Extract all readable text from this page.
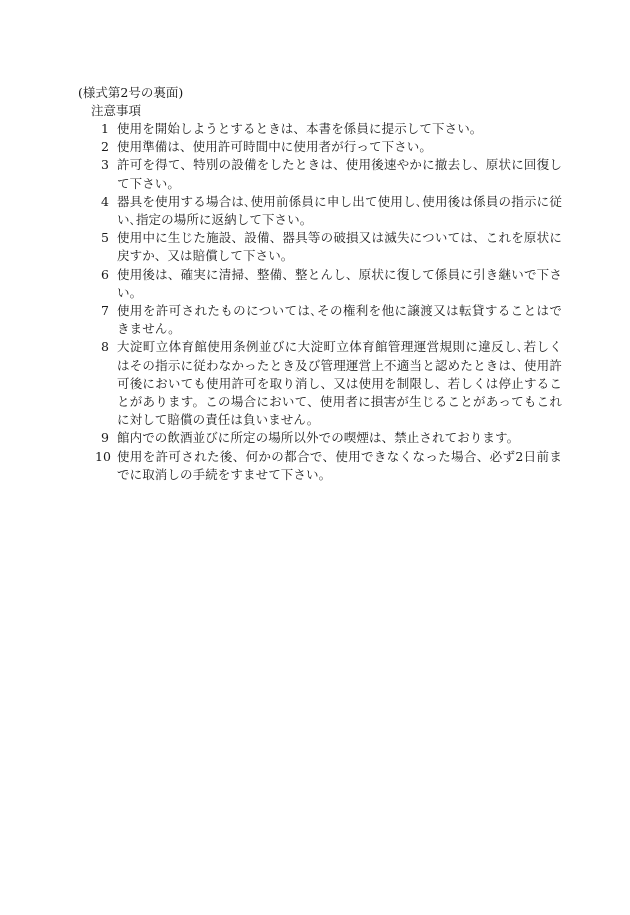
(様式第2号の裏面)
注意事項
1 使用を開始しようとするときは、本書を係員に提示して下さい。
2 使用準備は、使用許可時間中に使用者が行って下さい。
3 許可を得て、特別の設備をしたときは、使用後速やかに撤去し、原状に回復して下さい。
4 器具を使用する場合は､使用前係員に申し出て使用し､使用後は係員の指示に従い､指定の場所に返納して下さい。
5 使用中に生じた施設、設備、器具等の破損又は滅失については、これを原状に戻すか、又は賠償して下さい。
6 使用後は、確実に清掃、整備、整とんし、原状に復して係員に引き継いで下さい。
7 使用を許可されたものについては､その権利を他に譲渡又は転貸することはできません。
8 大淀町立体育館使用条例並びに大淀町立体育館管理運営規則に違反し､若しくはその指示に従わなかったとき及び管理運営上不適当と認めたときは、使用許可後においても使用許可を取り消し、又は使用を制限し、若しくは停止することがあります。この場合において、使用者に損害が生じることがあってもこれに対して賠償の責任は負いません。
9 館内での飲酒並びに所定の場所以外での喫煙は、禁止されております。
10 使用を許可された後、何かの都合で、使用できなくなった場合、必ず2日前までに取消しの手続をすませて下さい。
